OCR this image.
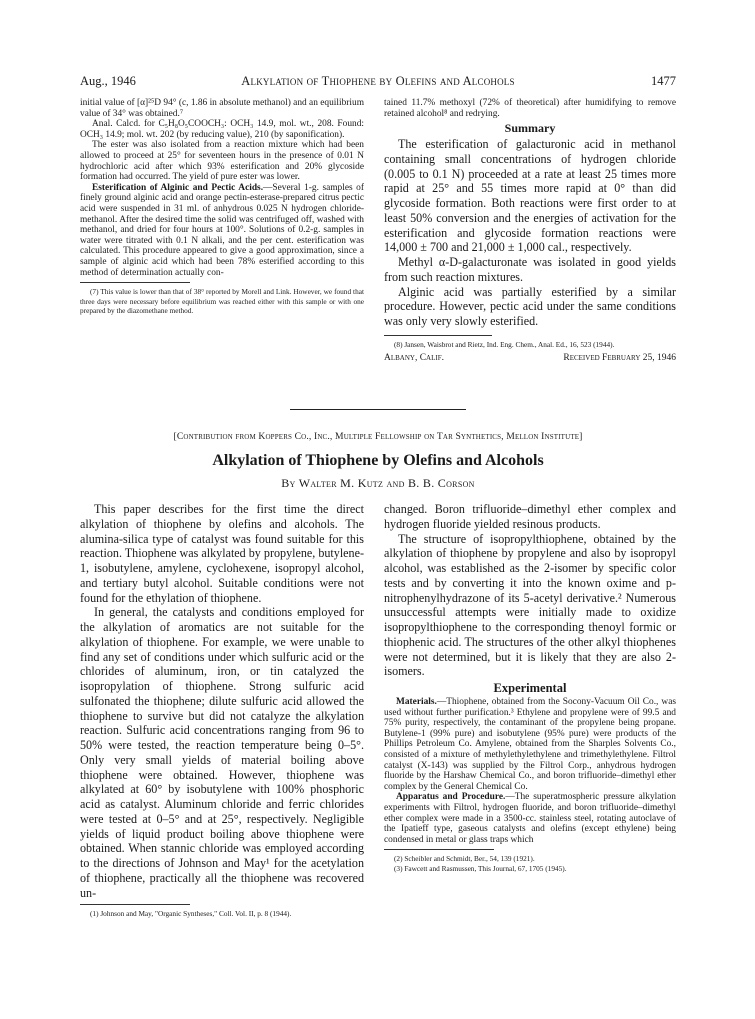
Aug., 1946	Alkylation of Thiophene by Olefins and Alcohols	1477

initial value of [α]²⁵D 94° (c, 1.86 in absolute methanol) and an equilibrium value of 34° was obtained.⁷

Anal. Calcd. for C₅H₈O₅COOCH₃: OCH₃ 14.9, mol. wt., 208. Found: OCH₃ 14.9; mol. wt. 202 (by reducing value), 210 (by saponification).

The ester was also isolated from a reaction mixture which had been allowed to proceed at 25° for seventeen hours in the presence of 0.01 N hydrochloric acid after which 93% esterification and 20% glycoside formation had occurred. The yield of pure ester was lower.

Esterification of Alginic and Pectic Acids.—Several 1-g. samples of finely ground alginic acid and orange pectin-esterase-prepared citrus pectic acid were suspended in 31 ml. of anhydrous 0.025 N hydrogen chloride-methanol. After the desired time the solid was centrifuged off, washed with methanol, and dried for four hours at 100°. Solutions of 0.2-g. samples in water were titrated with 0.1 N alkali, and the per cent. esterification was calculated. This procedure appeared to give a good approximation, since a sample of alginic acid which had been 78% esterified according to this method of determination actually con-

(7) This value is lower than that of 38° reported by Morell and Link. However, we found that three days were necessary before equilibrium was reached either with this sample or with one prepared by the diazomethane method.

tained 11.7% methoxyl (72% of theoretical) after humidifying to remove retained alcohol⁸ and redrying.

Summary

The esterification of galacturonic acid in methanol containing small concentrations of hydrogen chloride (0.005 to 0.1 N) proceeded at a rate at least 25 times more rapid at 25° and 55 times more rapid at 0° than did glycoside formation. Both reactions were first order to at least 50% conversion and the energies of activation for the esterification and glycoside formation reactions were 14,000 ± 700 and 21,000 ± 1,000 cal., respectively.

Methyl α-D-galacturonate was isolated in good yields from such reaction mixtures.

Alginic acid was partially esterified by a similar procedure. However, pectic acid under the same conditions was only very slowly esterified.

(8) Jansen, Waisbrot and Rietz, Ind. Eng. Chem., Anal. Ed., 16, 523 (1944).

Albany, Calif.	Received February 25, 1946
[Contribution from Koppers Co., Inc., Multiple Fellowship on Tar Synthetics, Mellon Institute]
Alkylation of Thiophene by Olefins and Alcohols
By Walter M. Kutz and B. B. Corson

This paper describes for the first time the direct alkylation of thiophene by olefins and alcohols. The alumina-silica type of catalyst was found suitable for this reaction. Thiophene was alkylated by propylene, butylene-1, isobutylene, amylene, cyclohexene, isopropyl alcohol, and tertiary butyl alcohol. Suitable conditions were not found for the ethylation of thiophene.

In general, the catalysts and conditions employed for the alkylation of aromatics are not suitable for the alkylation of thiophene. For example, we were unable to find any set of conditions under which sulfuric acid or the chlorides of aluminum, iron, or tin catalyzed the isopropylation of thiophene. Strong sulfuric acid sulfonated the thiophene; dilute sulfuric acid allowed the thiophene to survive but did not catalyze the alkylation reaction. Sulfuric acid concentrations ranging from 96 to 50% were tested, the reaction temperature being 0–5°. Only very small yields of material boiling above thiophene were obtained. However, thiophene was alkylated at 60° by isobutylene with 100% phosphoric acid as catalyst. Aluminum chloride and ferric chlorides were tested at 0–5° and at 25°, respectively. Negligible yields of liquid product boiling above thiophene were obtained. When stannic chloride was employed according to the directions of Johnson and May¹ for the acetylation of thiophene, practically all the thiophene was recovered un-

(1) Johnson and May, "Organic Syntheses," Coll. Vol. II, p. 8 (1944).

changed. Boron trifluoride–dimethyl ether complex and hydrogen fluoride yielded resinous products.

The structure of isopropylthiophene, obtained by the alkylation of thiophene by propylene and also by isopropyl alcohol, was established as the 2-isomer by specific color tests and by converting it into the known oxime and p-nitrophenylhydrazone of its 5-acetyl derivative.² Numerous unsuccessful attempts were initially made to oxidize isopropylthiophene to the corresponding thenoyl formic or thiophenic acid. The structures of the other alkyl thiophenes were not determined, but it is likely that they are also 2-isomers.

Experimental

Materials.—Thiophene, obtained from the Socony-Vacuum Oil Co., was used without further purification.³ Ethylene and propylene were of 99.5 and 75% purity, respectively, the contaminant of the propylene being propane. Butylene-1 (99% pure) and isobutylene (95% pure) were products of the Phillips Petroleum Co. Amylene, obtained from the Sharples Solvents Co., consisted of a mixture of methylethylethylene and trimethylethylene. Filtrol catalyst (X-143) was supplied by the Filtrol Corp., anhydrous hydrogen fluoride by the Harshaw Chemical Co., and boron trifluoride–dimethyl ether complex by the General Chemical Co.

Apparatus and Procedure.—The superatmospheric pressure alkylation experiments with Filtrol, hydrogen fluoride, and boron trifluoride–dimethyl ether complex were made in a 3500-cc. stainless steel, rotating autoclave of the Ipatieff type, gaseous catalysts and olefins (except ethylene) being condensed in metal or glass traps which

(2) Scheibler and Schmidt, Ber., 54, 139 (1921).

(3) Fawcett and Rasmussen, This Journal, 67, 1705 (1945).
